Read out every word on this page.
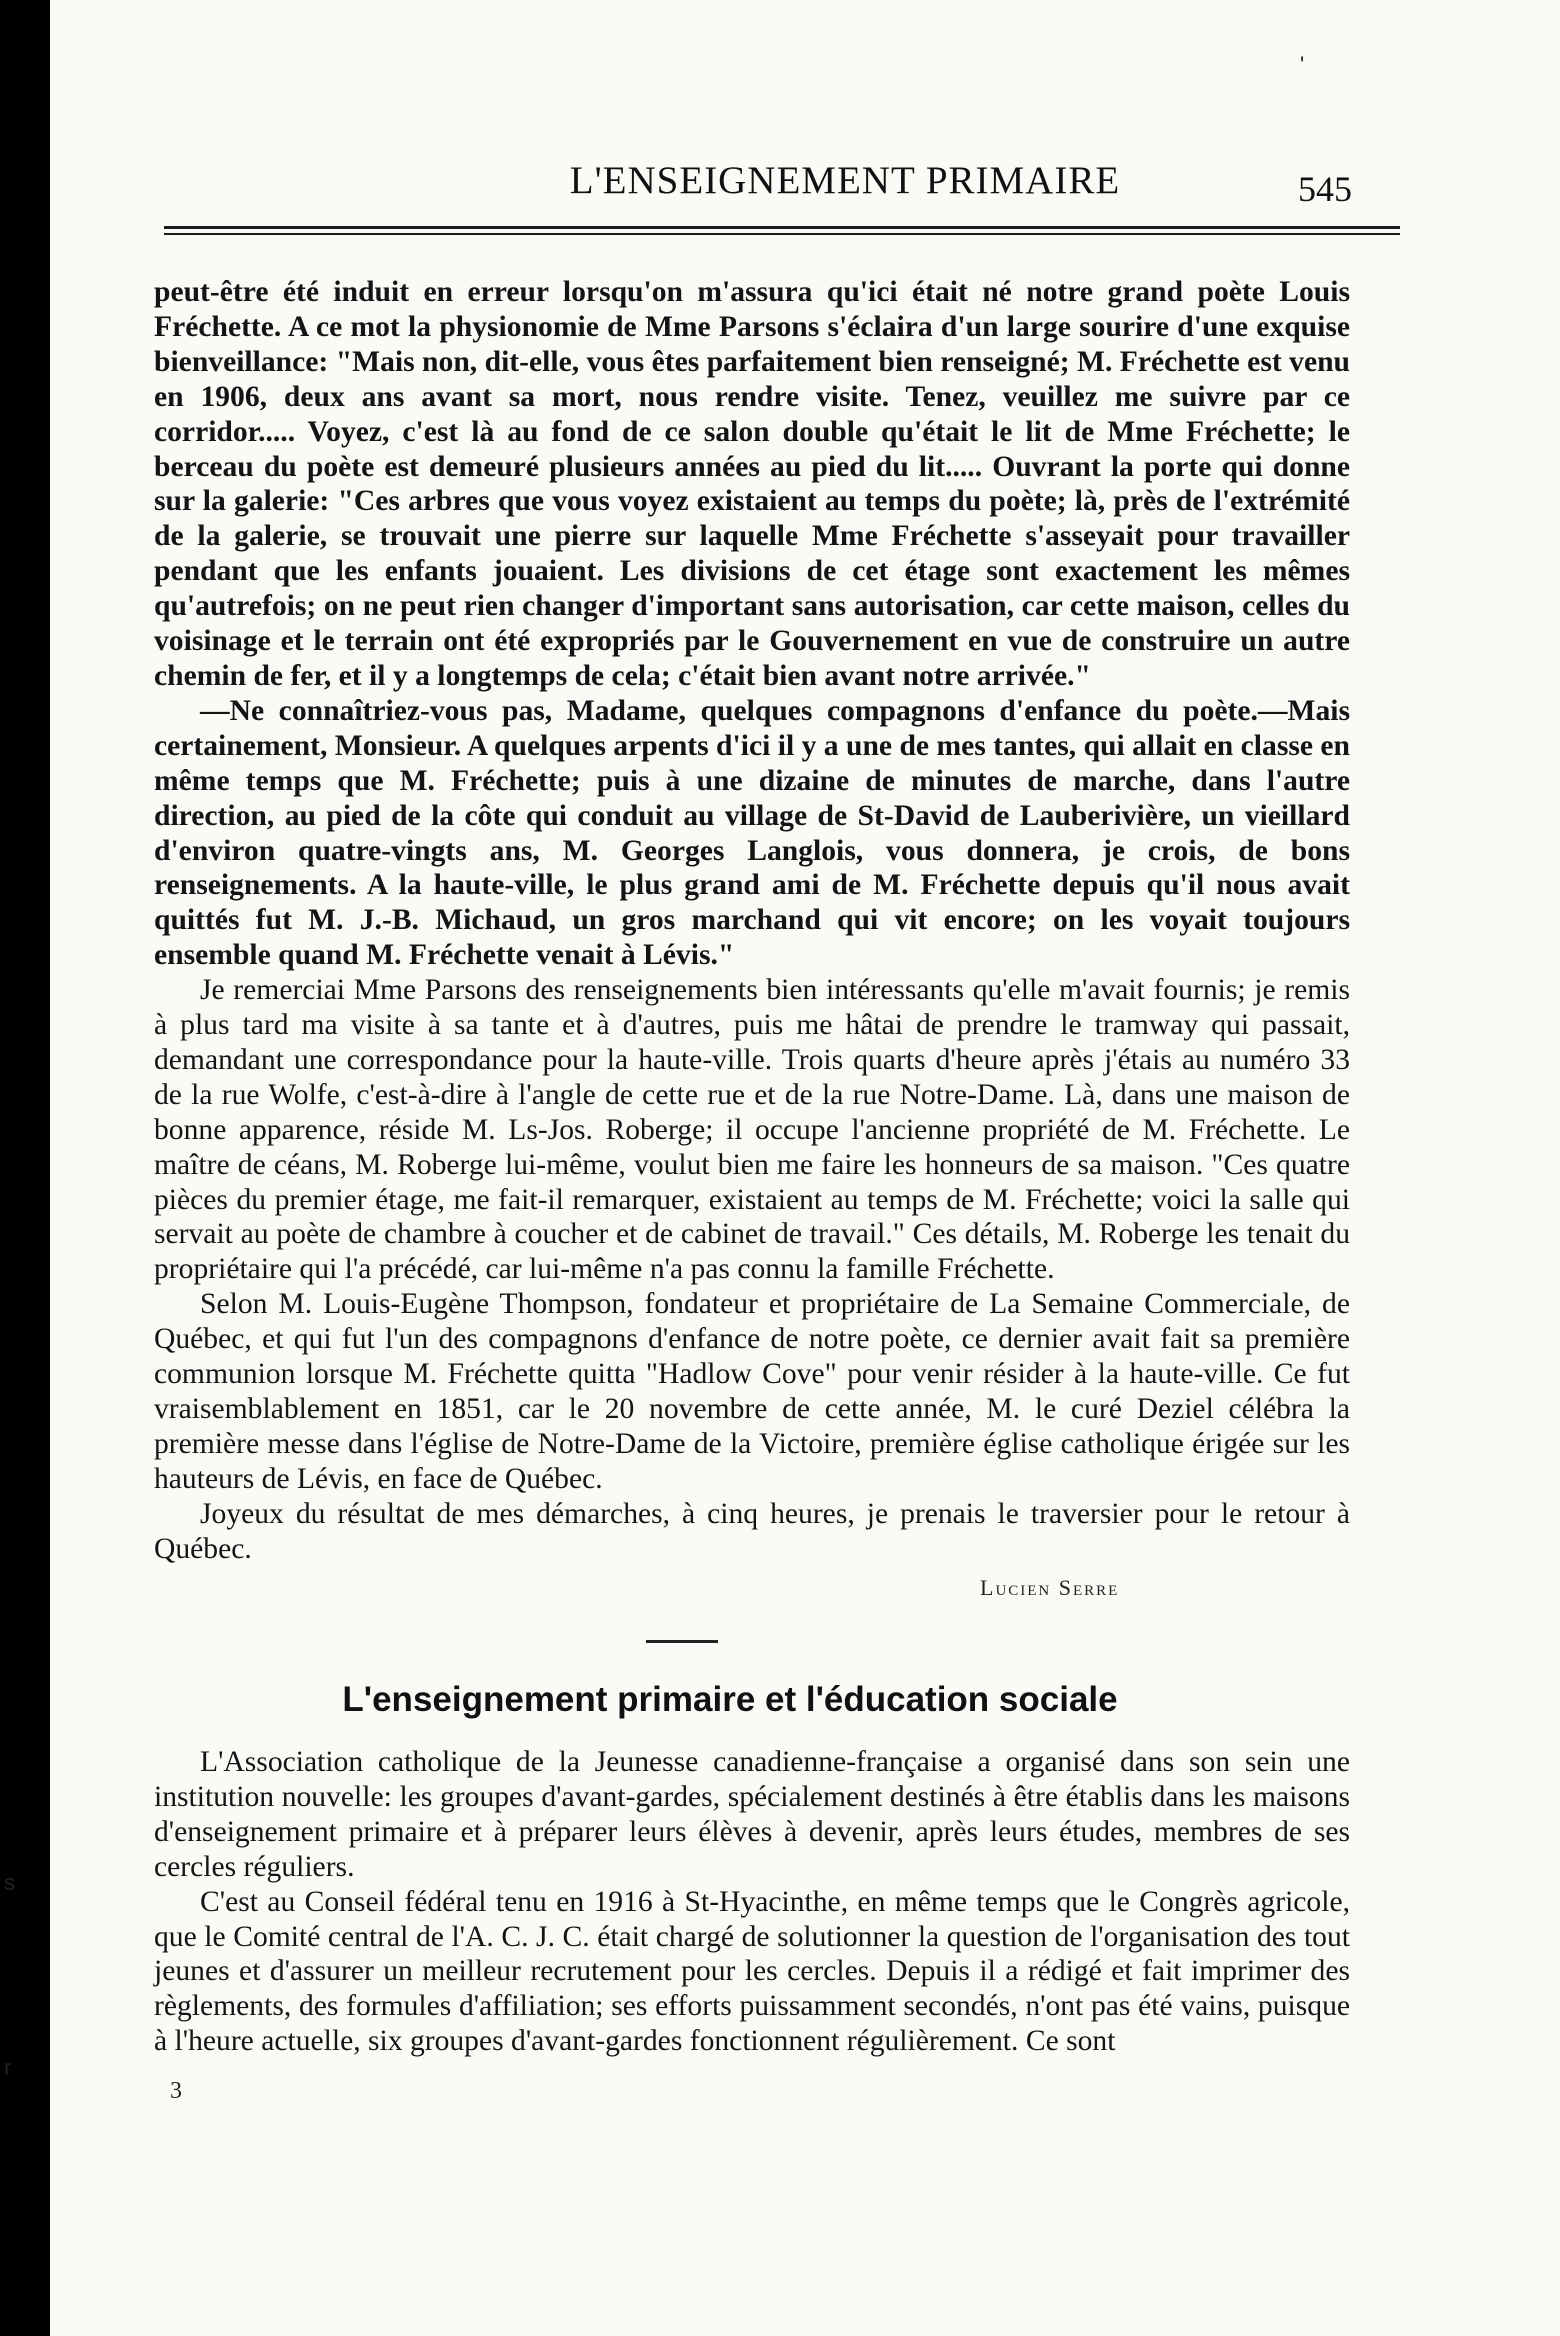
'
L'ENSEIGNEMENT PRIMAIRE	545
s
r

peut-être été induit en erreur lorsqu'on m'assura qu'ici était né notre grand poète Louis Fréchette. A ce mot la physionomie de Mme Parsons s'éclaira d'un large sourire d'une exquise bienveillance: "Mais non, dit-elle, vous êtes parfaitement bien renseigné; M. Fréchette est venu en 1906, deux ans avant sa mort, nous rendre visite. Tenez, veuillez me suivre par ce corridor..... Voyez, c'est là au fond de ce salon double qu'était le lit de Mme Fréchette; le berceau du poète est demeuré plusieurs années au pied du lit..... Ouvrant la porte qui donne sur la galerie: "Ces arbres que vous voyez existaient au temps du poète; là, près de l'extrémité de la galerie, se trouvait une pierre sur laquelle Mme Fréchette s'asseyait pour travailler pendant que les enfants jouaient. Les divisions de cet étage sont exactement les mêmes qu'autrefois; on ne peut rien changer d'important sans autorisation, car cette maison, celles du voisinage et le terrain ont été expropriés par le Gouvernement en vue de construire un autre chemin de fer, et il y a longtemps de cela; c'était bien avant notre arrivée."

—Ne connaîtriez-vous pas, Madame, quelques compagnons d'enfance du poète.—Mais certainement, Monsieur. A quelques arpents d'ici il y a une de mes tantes, qui allait en classe en même temps que M. Fréchette; puis à une dizaine de minutes de marche, dans l'autre direction, au pied de la côte qui conduit au village de St-David de Lauberivière, un vieillard d'environ quatre-vingts ans, M. Georges Langlois, vous donnera, je crois, de bons renseignements. A la haute-ville, le plus grand ami de M. Fréchette depuis qu'il nous avait quittés fut M. J.-B. Michaud, un gros marchand qui vit encore; on les voyait toujours ensemble quand M. Fréchette venait à Lévis."

Je remerciai Mme Parsons des renseignements bien intéressants qu'elle m'avait fournis; je remis à plus tard ma visite à sa tante et à d'autres, puis me hâtai de prendre le tramway qui passait, demandant une correspondance pour la haute-ville. Trois quarts d'heure après j'étais au numéro 33 de la rue Wolfe, c'est-à-dire à l'angle de cette rue et de la rue Notre-Dame. Là, dans une maison de bonne apparence, réside M. Ls-Jos. Roberge; il occupe l'ancienne propriété de M. Fréchette. Le maître de céans, M. Roberge lui-même, voulut bien me faire les honneurs de sa maison. "Ces quatre pièces du premier étage, me fait-il remarquer, existaient au temps de M. Fréchette; voici la salle qui servait au poète de chambre à coucher et de cabinet de travail." Ces détails, M. Roberge les tenait du propriétaire qui l'a précédé, car lui-même n'a pas connu la famille Fréchette.

Selon M. Louis-Eugène Thompson, fondateur et propriétaire de La Semaine Commerciale, de Québec, et qui fut l'un des compagnons d'enfance de notre poète, ce dernier avait fait sa première communion lorsque M. Fréchette quitta "Hadlow Cove" pour venir résider à la haute-ville. Ce fut vraisemblablement en 1851, car le 20 novembre de cette année, M. le curé Deziel célébra la première messe dans l'église de Notre-Dame de la Victoire, première église catholique érigée sur les hauteurs de Lévis, en face de Québec.

Joyeux du résultat de mes démarches, à cinq heures, je prenais le traversier pour le retour à Québec.

Lucien Serre
L'enseignement primaire et l'éducation sociale

L'Association catholique de la Jeunesse canadienne-française a organisé dans son sein une institution nouvelle: les groupes d'avant-gardes, spécialement destinés à être établis dans les maisons d'enseignement primaire et à préparer leurs élèves à devenir, après leurs études, membres de ses cercles réguliers.

C'est au Conseil fédéral tenu en 1916 à St-Hyacinthe, en même temps que le Congrès agricole, que le Comité central de l'A. C. J. C. était chargé de solutionner la question de l'organisation des tout jeunes et d'assurer un meilleur recrutement pour les cercles. Depuis il a rédigé et fait imprimer des règlements, des formules d'affiliation; ses efforts puissamment secondés, n'ont pas été vains, puisque à l'heure actuelle, six groupes d'avant-gardes fonctionnent régulièrement. Ce sont

3
